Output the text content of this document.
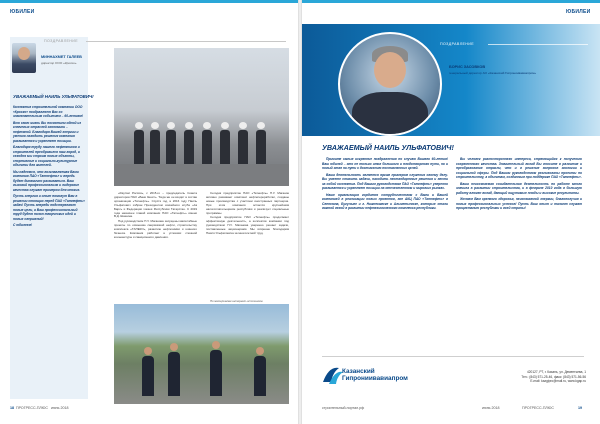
ЮБИЛЕИ
ПОЗДРАВЛЕНИЕ
МИННАХМЕТ ГАЛЕЕВ
директор ООО «Кроско»
УВАЖАЕМЫЙ НАИЛЬ УЛЬФАТОВИЧ!

Коллектив строительной компании ООО «Кроско» поздравляет Вас со знаменательным событием – 60-летием!

Всю свою жизнь Вы посвятили одной из ключевых отраслей экономики – нефтяной. Благодаря Вашей энергии и умению находить решения компания развивается и укрепляет позиции.

Благодаря труду нашего нефтяников и строителей преобразился наш город, и сегодня мы строим новые объекты, спортивные и социально-культурные объекты для жителей.

Мы надеемся, что возглавляемая Вами компания ПАО «Татнефть» и впредь будет динамично развиваться. Ваш высокий профессионализм и лидерские качества служат примером для многих.

Пусть энергия и опыт помогут Вам в решении стоящих перед ПАО «Татнефть» задач! Пусть впереди подстерегают новые цели, а Ваш профессиональный труд будет полон творческих идей и новых свершений!

С юбилеем!

«Daymat Россия», с 2015-го – председатель Совета директоров ПАО «Банк Зенит». Тогда же он входит в состав организации «Татнефть». Спустя год, в 2016 году Наиль Ульфатович избран Президентом хоккейного клуба «Ак Барс» и Федерации хоккея Республики Татарстан. С 2019 года назначен главой компании ПАО «Татнефть» имени В.Д. Шашина.

Под руководством Н.У. Маганова запущены масштабные проекты по освоению сверхвязкой нефти, строительству комплекса «ТАНЕКО», развитию нефтехимии и шинного бизнеса. Компания работает в условиях сложной конъюнктуры и санкционного давления.

Сегодня предприятие ПАО «Татнефть» Н.У. Маганов активно развивает комплекс нефтепереработки, созданы новые производства с участием иностранных партнеров. При этом компания остается крупнейшим налогоплательщиком республики и реализует социальные программы.

Сегодня предприятие ПАО «Татнефть» продолжает эффективную деятельность, а коллектив компании под руководством Н.У. Маганова уверенно решает задачи, поставленные акционерами. Мы искренне благодарим Наиля Ульфатовича за многолетний труд.

По материалам интернет-источников
18 ПРОГРЕСС-ПЛЮС июнь 2018
ЮБИЛЕИ
ПОЗДРАВЛЕНИЕ
БОРИС ЗАСОВКОВ
генеральный директор АО «Казанский Гипрониивавиапром»
УВАЖАЕМЫЙ НАИЛЬ УЛЬФАТОВИЧ!

Примите самые искренние поздравления по случаю Вашего 60-летия! Ваш юбилей – это не только итог большого и плодотворного пути, но и новый этап на пути к достижению поставленных целей.

Ваша деятельность является ярким примером служения своему делу. Вы умеете ставить задачи, находить нестандартные решения и вести за собой коллектив. Под Вашим руководством ПАО «Татнефть» уверенно развивается и укрепляет позиции на отечественном и мировых рынках.

Наше организация гордится сотрудничеством с Вами и Вашей компанией в реализации новых проектов, все АКЦ ПАО «Татнефть» в Светлана, Бугульме и г. Нижнекамске и Альметьевске, которые стали важной вехой в развитии нефтехимического комплекса республики.

Вы человек разностороннего интереса, стремящийся к получению современного качества. Значительный вклад Вы вносите в развитие и преобразование отрасли, что и в решение вопросов экологии и социальной сферы. Под Вашим руководством реализованы проекты по строительству, а объектам, созданным при поддержке ПАО «Татнефть».

Ваша неиссякаемая созидательная деятельность по работе много значила в развитии строительства, и в феврале 2010 года в большую работу вложен вклад, дающий ощутимые плоды и высокие результаты.

Желаем Вам крепкого здоровья, неиссякаемой энергии, благополучия и новых профессиональных успехов! Пусть Ваш опыт и талант служат процветанию республики и всей страны!

Казанский
Гипрониивавиапром
420127, РТ, г. Казань, ул. Дементьева, 1
Тел.: (843) 571-25-46, факс: (843) 571-56-56
E-mail: kazgipro@mail.ru, www.kgap.ru
строительный-портал.рф	июнь 2018	ПРОГРЕСС-ПЛЮС	19
